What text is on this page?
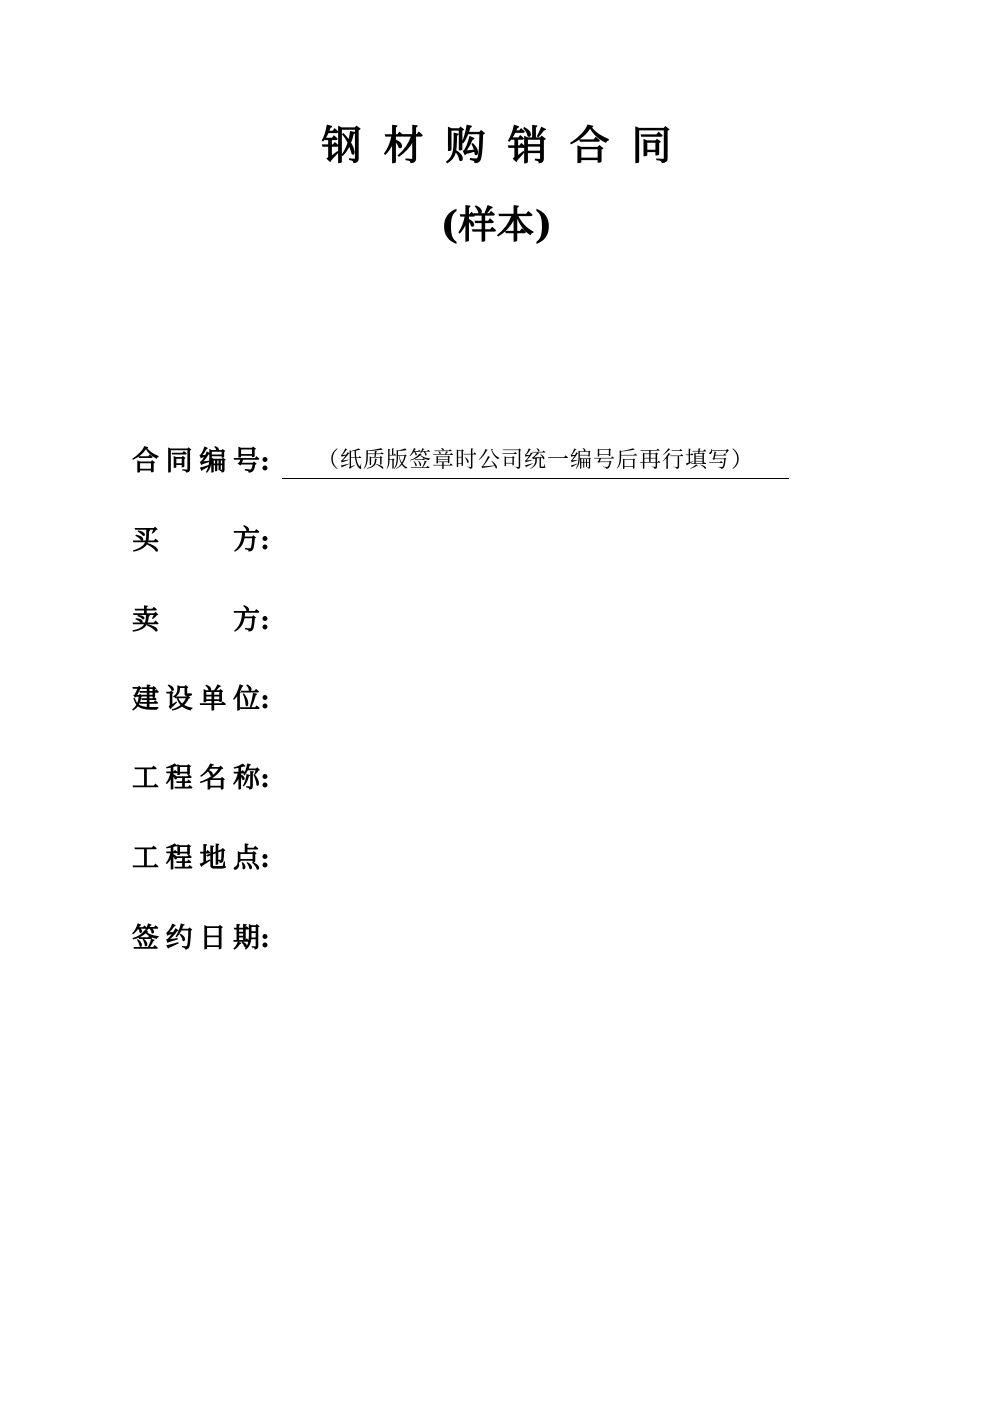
钢材购销合同
(样本)
合同编号:	（纸质版签章时公司统一编号后再行填写）
买方:
卖方:
建设单位:
工程名称:
工程地点:
签约日期:
